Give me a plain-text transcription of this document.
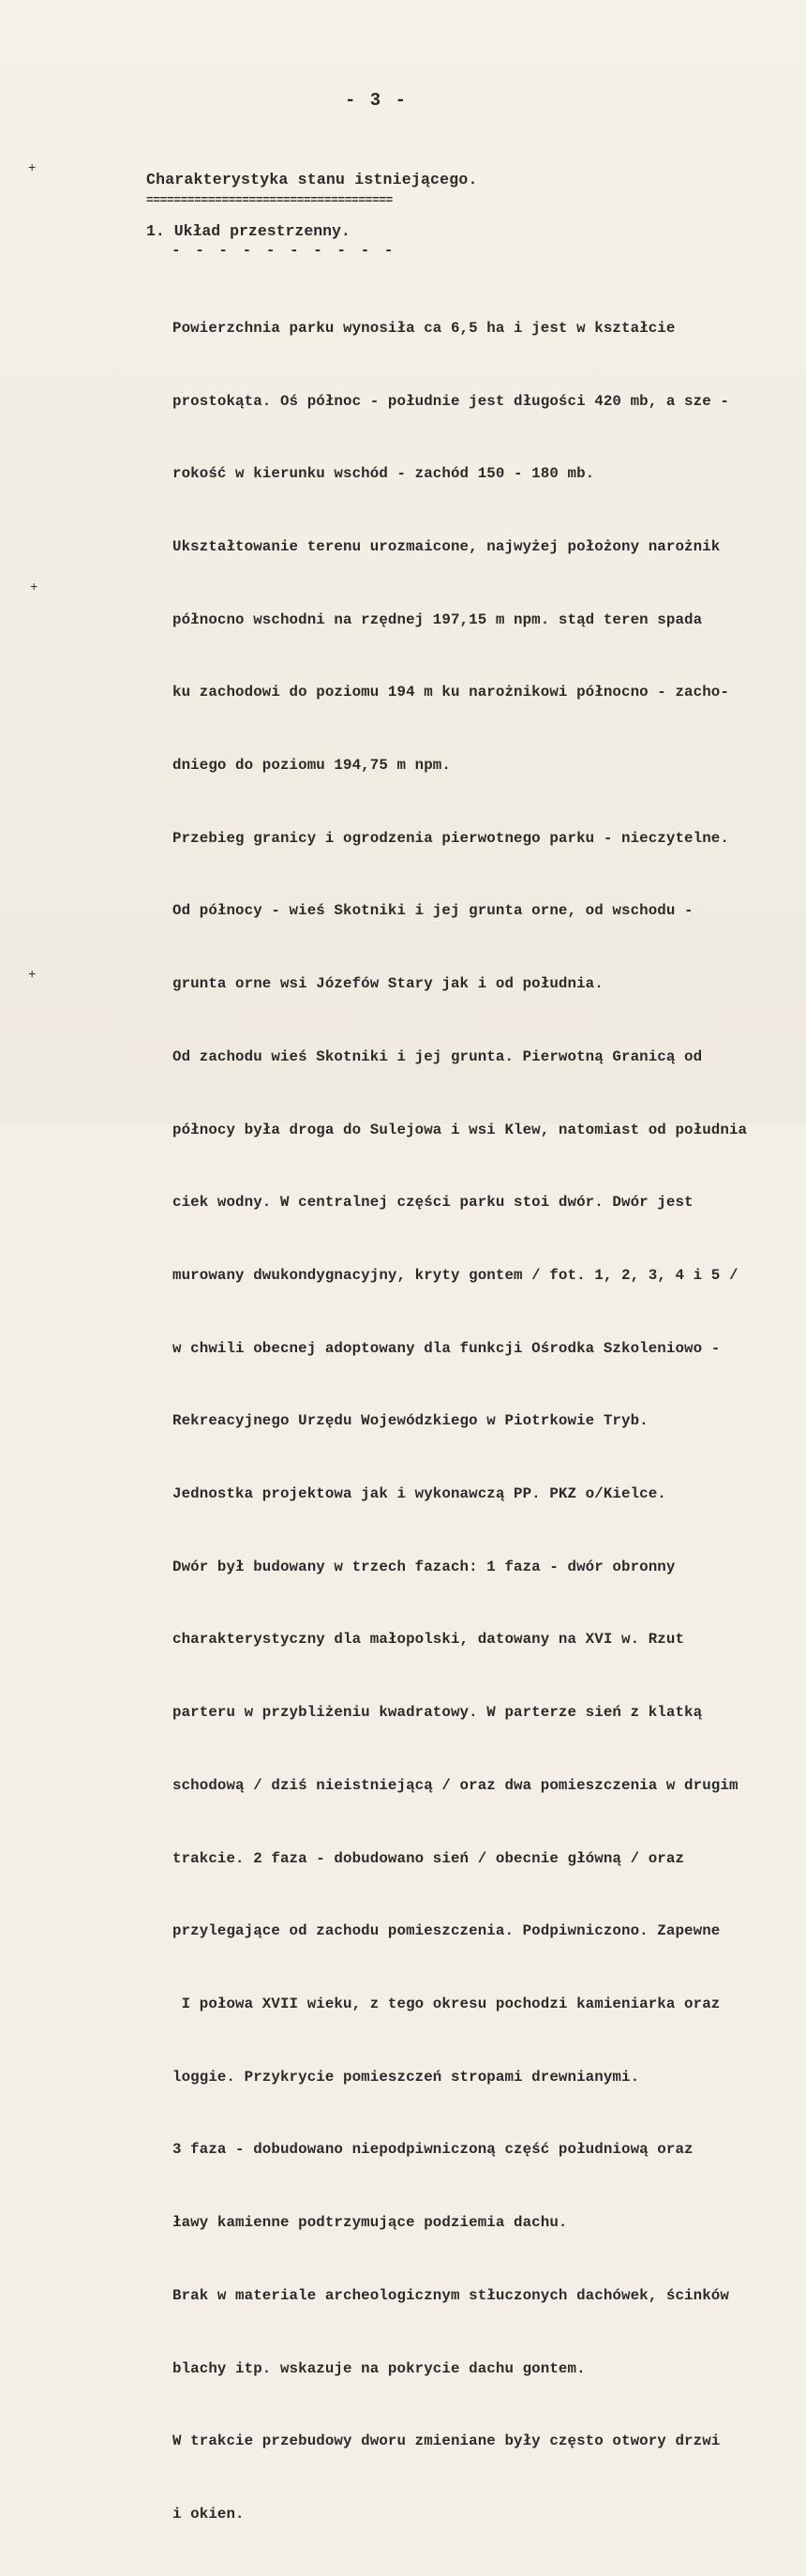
- 3 -
+
+
+
Charakterystyka stanu istniejącego.
====================================
1. Układ przestrzenny.
- - - - - - - - - -

Powierzchnia parku wynosiła ca 6,5 ha i jest w kształcie

prostokąta. Oś północ - południe jest długości 420 mb, a sze -

rokość w kierunku wschód - zachód 150 - 180 mb.

Ukształtowanie terenu urozmaicone, najwyżej położony narożnik

północno wschodni na rzędnej 197,15 m npm. stąd teren spada

ku zachodowi do poziomu 194 m ku narożnikowi północno - zacho-

dniego do poziomu 194,75 m npm.

Przebieg granicy i ogrodzenia pierwotnego parku - nieczytelne.

Od północy - wieś Skotniki i jej grunta orne, od wschodu -

grunta orne wsi Józefów Stary jak i od południa.

Od zachodu wieś Skotniki i jej grunta. Pierwotną Granicą od

północy była droga do Sulejowa i wsi Klew, natomiast od południa

ciek wodny. W centralnej części parku stoi dwór. Dwór jest

murowany dwukondygnacyjny, kryty gontem / fot. 1, 2, 3, 4 i 5 /

w chwili obecnej adoptowany dla funkcji Ośrodka Szkoleniowo -

Rekreacyjnego Urzędu Wojewódzkiego w Piotrkowie Tryb.

Jednostka projektowa jak i wykonawczą PP. PKZ o/Kielce.

Dwór był budowany w trzech fazach: 1 faza - dwór obronny

charakterystyczny dla małopolski, datowany na XVI w. Rzut

parteru w przybliżeniu kwadratowy. W parterze sień z klatką

schodową / dziś nieistniejącą / oraz dwa pomieszczenia w drugim

trakcie. 2 faza - dobudowano sień / obecnie główną / oraz

przylegające od zachodu pomieszczenia. Podpiwniczono. Zapewne

I połowa XVII wieku, z tego okresu pochodzi kamieniarka oraz

loggie. Przykrycie pomieszczeń stropami drewnianymi.

3 faza - dobudowano niepodpiwniczoną część południową oraz

ławy kamienne podtrzymujące podziemia dachu.

Brak w materiale archeologicznym stłuczonych dachówek, ścinków

blachy itp. wskazuje na pokrycie dachu gontem.

W trakcie przebudowy dworu zmieniane były często otwory drzwi

i okien.
